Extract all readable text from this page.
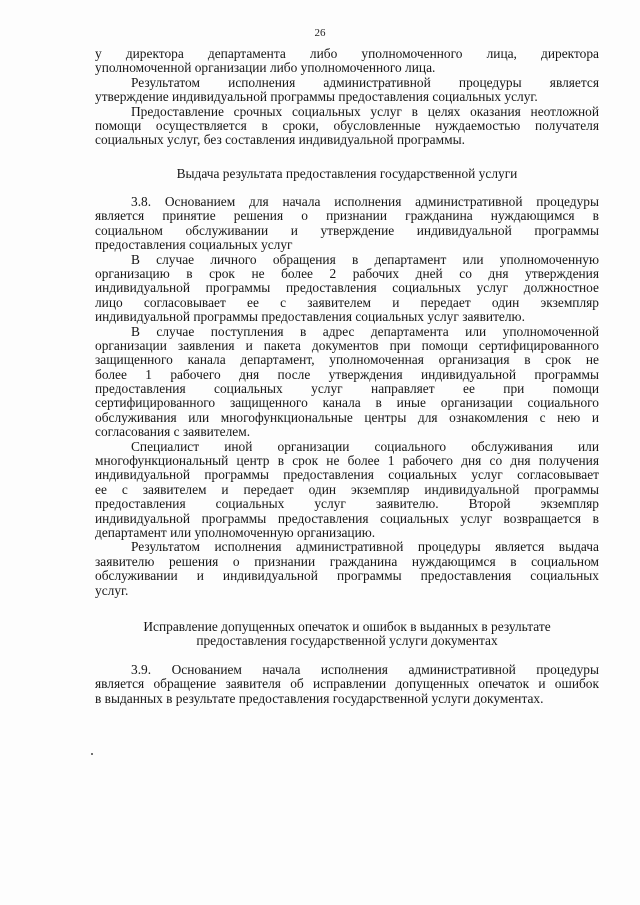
26
у директора департамента либо уполномоченного лица, директора
уполномоченной организации либо уполномоченного лица.
Результатом исполнения административной процедуры является
утверждение индивидуальной программы предоставления социальных услуг.
Предоставление срочных социальных услуг в целях оказания неотложной
помощи осуществляется в сроки, обусловленные нуждаемостью получателя
социальных услуг, без составления индивидуальной программы.
Выдача результата предоставления государственной услуги
3.8. Основанием для начала исполнения административной процедуры
является принятие решения о признании гражданина нуждающимся в
социальном обслуживании и утверждение индивидуальной программы
предоставления социальных услуг
В случае личного обращения в департамент или уполномоченную
организацию в срок не более 2 рабочих дней со дня утверждения
индивидуальной программы предоставления социальных услуг должностное
лицо согласовывает ее с заявителем и передает один экземпляр
индивидуальной программы предоставления социальных услуг заявителю.
В случае поступления в адрес департамента или уполномоченной
организации заявления и пакета документов при помощи сертифицированного
защищенного канала департамент, уполномоченная организация в срок не
более 1 рабочего дня после утверждения индивидуальной программы
предоставления социальных услуг направляет ее при помощи
сертифицированного защищенного канала в иные организации социального
обслуживания или многофункциональные центры для ознакомления с нею и
согласования с заявителем.
Специалист иной организации социального обслуживания или
многофункциональный центр в срок не более 1 рабочего дня со дня получения
индивидуальной программы предоставления социальных услуг согласовывает
ее с заявителем и передает один экземпляр индивидуальной программы
предоставления социальных услуг заявителю. Второй экземпляр
индивидуальной программы предоставления социальных услуг возвращается в
департамент или уполномоченную организацию.
Результатом исполнения административной процедуры является выдача
заявителю решения о признании гражданина нуждающимся в социальном
обслуживании и индивидуальной программы предоставления социальных
услуг.
Исправление допущенных опечаток и ошибок в выданных в результате
предоставления государственной услуги документах
3.9. Основанием начала исполнения административной процедуры
является обращение заявителя об исправлении допущенных опечаток и ошибок
в выданных в результате предоставления государственной услуги документах.
